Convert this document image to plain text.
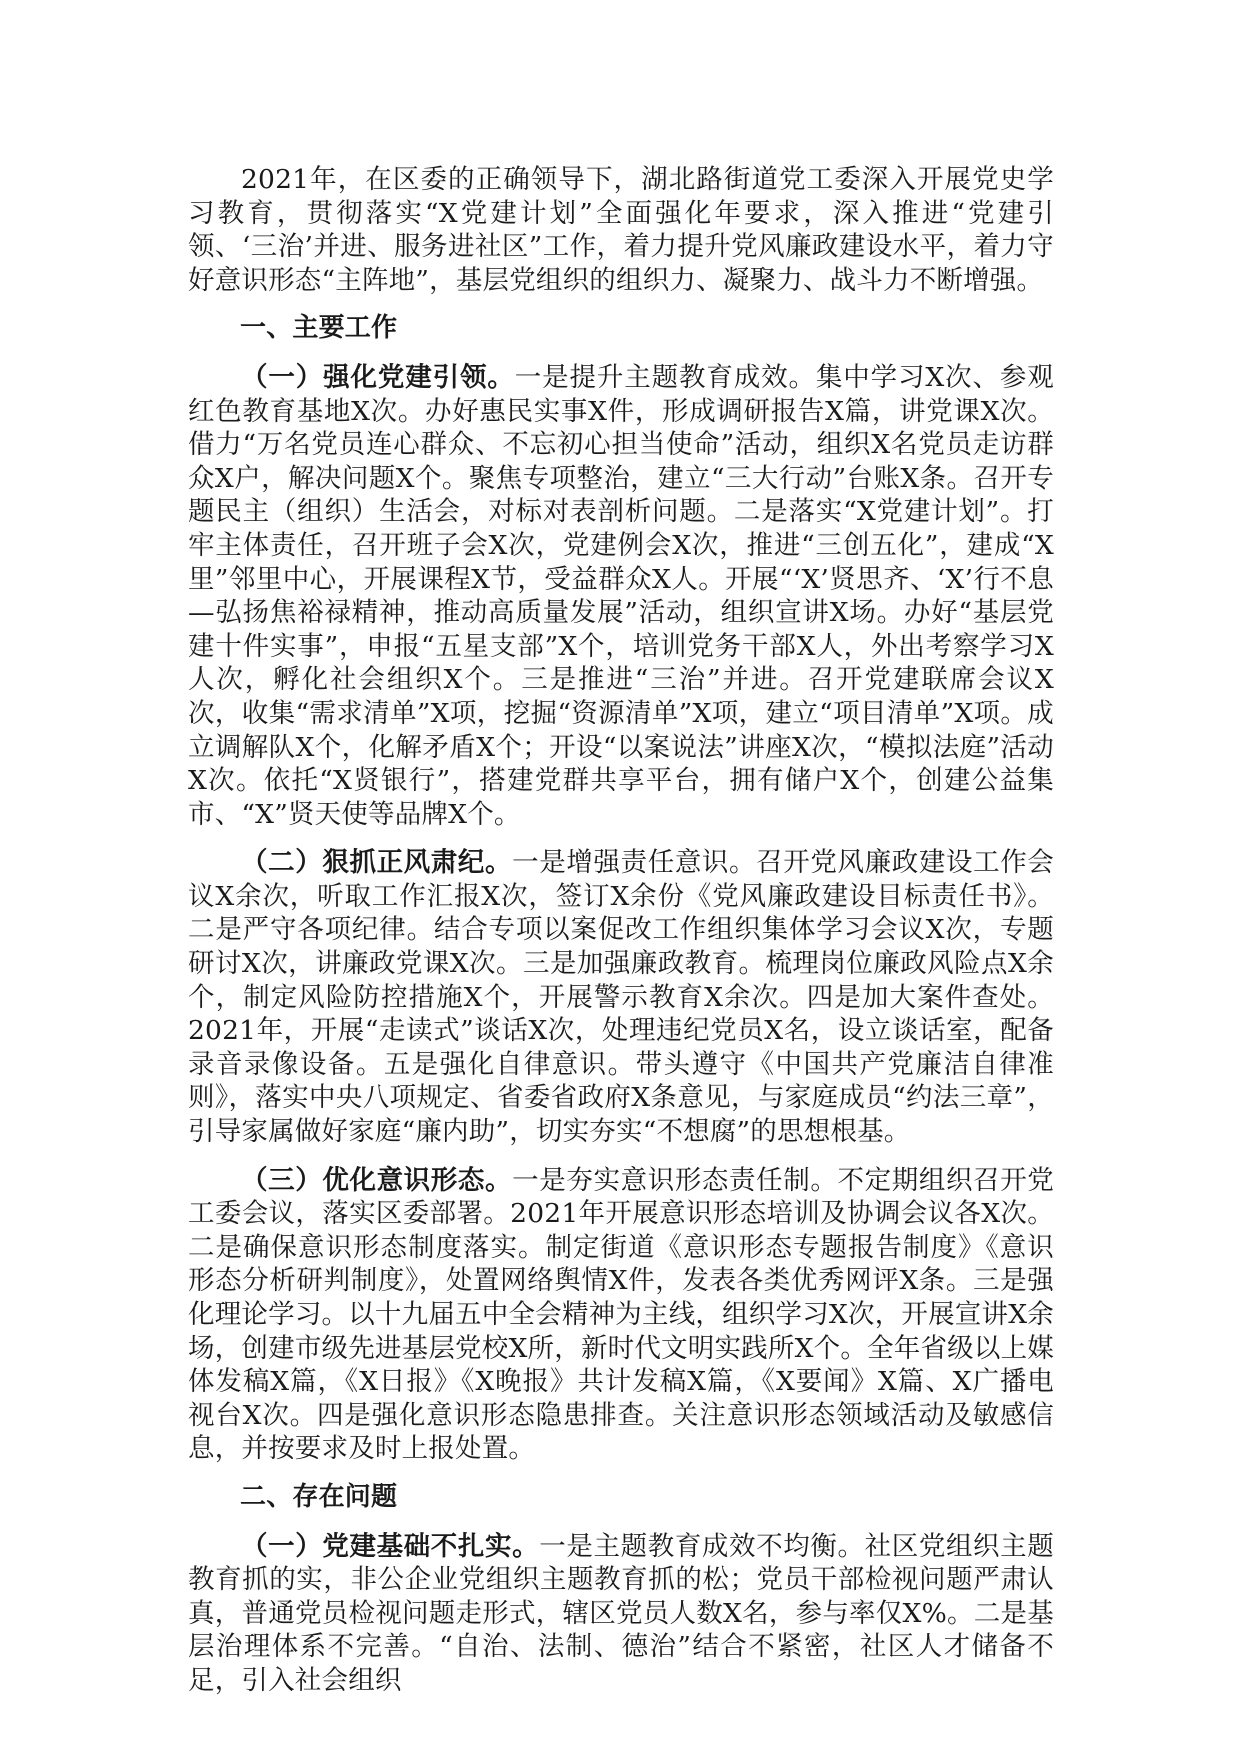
2021年，在区委的正确领导下，湖北路街道党工委深入开展党史学习教育，贯彻落实“X党建计划”全面强化年要求，深入推进“党建引领、‘三治’并进、服务进社区”工作，着力提升党风廉政建设水平，着力守好意识形态“主阵地”，基层党组织的组织力、凝聚力、战斗力不断增强。

一、主要工作

（一）强化党建引领。一是提升主题教育成效。集中学习X次、参观红色教育基地X次。办好惠民实事X件，形成调研报告X篇，讲党课X次。借力“万名党员连心群众、不忘初心担当使命”活动，组织X名党员走访群众X户，解决问题X个。聚焦专项整治，建立“三大行动”台账X条。召开专题民主（组织）生活会，对标对表剖析问题。二是落实“X党建计划”。打牢主体责任，召开班子会X次，党建例会X次，推进“三创五化”，建成“X里”邻里中心，开展课程X节，受益群众X人。开展“‘X’贤思齐、‘X’行不息—弘扬焦裕禄精神，推动高质量发展”活动，组织宣讲X场。办好“基层党建十件实事”，申报“五星支部”X个，培训党务干部X人，外出考察学习X人次，孵化社会组织X个。三是推进“三治”并进。召开党建联席会议X次，收集“需求清单”X项，挖掘“资源清单”X项，建立“项目清单”X项。成立调解队X个，化解矛盾X个；开设“以案说法”讲座X次，“模拟法庭”活动X次。依托“X贤银行”，搭建党群共享平台，拥有储户X个，创建公益集市、“X”贤天使等品牌X个。

（二）狠抓正风肃纪。一是增强责任意识。召开党风廉政建设工作会议X余次，听取工作汇报X次，签订X余份《党风廉政建设目标责任书》。二是严守各项纪律。结合专项以案促改工作组织集体学习会议X次，专题研讨X次，讲廉政党课X次。三是加强廉政教育。梳理岗位廉政风险点X余个，制定风险防控措施X个，开展警示教育X余次。四是加大案件查处。2021年，开展“走读式”谈话X次，处理违纪党员X名，设立谈话室，配备录音录像设备。五是强化自律意识。带头遵守《中国共产党廉洁自律准则》，落实中央八项规定、省委省政府X条意见，与家庭成员“约法三章”，引导家属做好家庭“廉内助”，切实夯实“不想腐”的思想根基。

（三）优化意识形态。一是夯实意识形态责任制。不定期组织召开党工委会议，落实区委部署。2021年开展意识形态培训及协调会议各X次。二是确保意识形态制度落实。制定街道《意识形态专题报告制度》《意识形态分析研判制度》，处置网络舆情X件，发表各类优秀网评X条。三是强化理论学习。以十九届五中全会精神为主线，组织学习X次，开展宣讲X余场，创建市级先进基层党校X所，新时代文明实践所X个。全年省级以上媒体发稿X篇，《X日报》《X晚报》共计发稿X篇，《X要闻》X篇、X广播电视台X次。四是强化意识形态隐患排查。关注意识形态领域活动及敏感信息，并按要求及时上报处置。

二、存在问题

（一）党建基础不扎实。一是主题教育成效不均衡。社区党组织主题教育抓的实，非公企业党组织主题教育抓的松；党员干部检视问题严肃认真，普通党员检视问题走形式，辖区党员人数X名，参与率仅X%。二是基层治理体系不完善。“自治、法制、德治”结合不紧密，社区人才储备不足，引入社会组织
